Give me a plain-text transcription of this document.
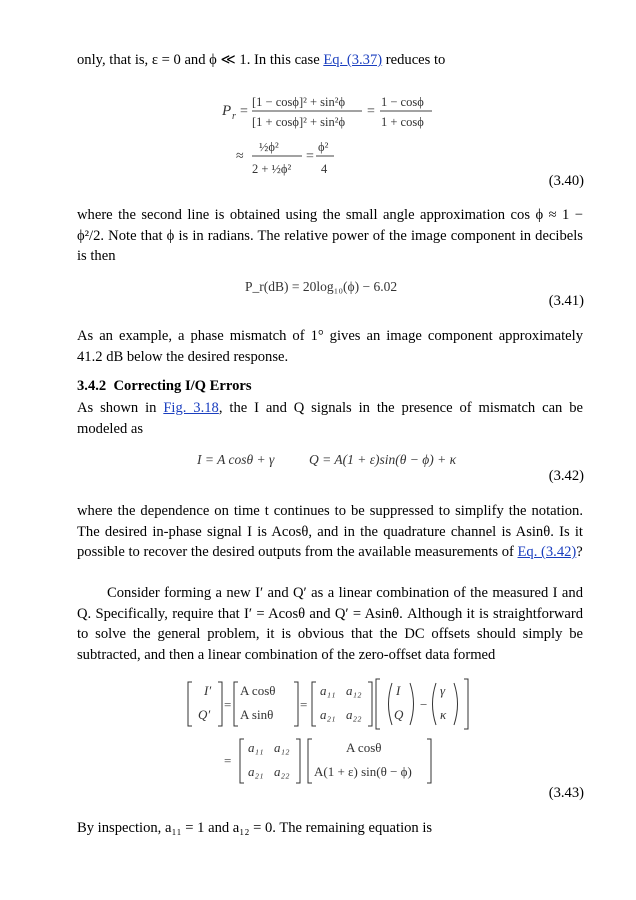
only, that is, ε = 0 and ϕ ≪ 1. In this case Eq. (3.37) reduces to
P r =
[1 − cosϕ]² + sin²ϕ
[1 + cosϕ]² + sin²ϕ
=
1 − cosϕ
1 + cosϕ
≈
½ϕ²
2 + ½ϕ²
=
ϕ²
4
(3.40)
where the second line is obtained using the small angle approximation cos ϕ ≈ 1 − ϕ²/2. Note that ϕ is in radians. The relative power of the image component in decibels is then
P_r(dB) = 20log₁₀(ϕ) − 6.02
(3.41)
As an example, a phase mismatch of 1° gives an image component approximately 41.2 dB below the desired response.
3.4.2 Correcting I/Q Errors
As shown in Fig. 3.18, the I and Q signals in the presence of mismatch can be modeled as
I = A cosθ + γ	Q = A(1 + ε)sin(θ − ϕ) + κ
(3.42)
where the dependence on time t continues to be suppressed to simplify the notation. The desired in-phase signal I is Acosθ, and in the quadrature channel is Asinθ. Is it possible to recover the desired outputs from the available measurements of Eq. (3.42)?
Consider forming a new I′ and Q′ as a linear combination of the measured I and Q. Specifically, require that I′ = Acosθ and Q′ = Asinθ. Although it is straightforward to solve the general problem, it is obvious that the DC offsets should simply be subtracted, and then a linear combination of the zero-offset data formed
I′
Q′
=
A cosθ
A sinθ
=
a₁₁ a₁₂
a₂₁ a₂₂
I
Q
−
γ
κ
=
a₁₁ a₁₂
a₂₁ a₂₂
A cosθ
A(1 + ε) sin(θ − ϕ)
(3.43)
By inspection, a₁₁ = 1 and a₁₂ = 0. The remaining equation is
